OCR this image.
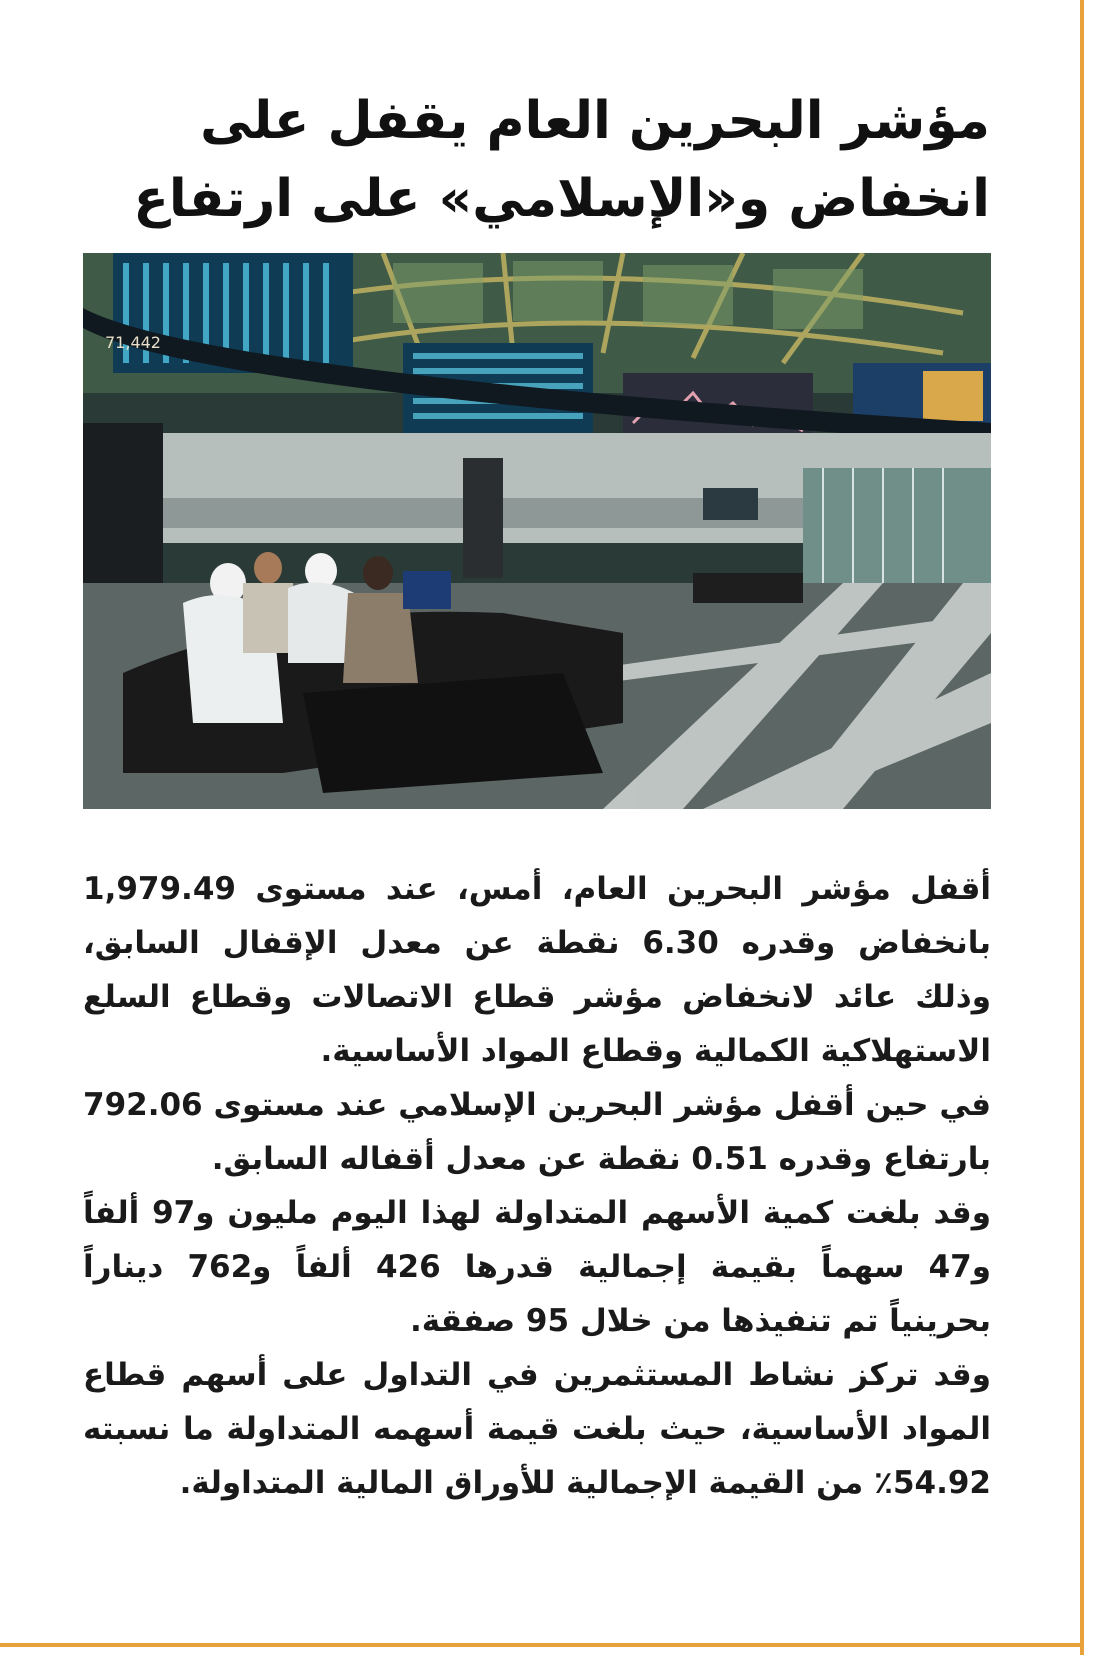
مؤشر البحرين العام يقفل على انخفاض و«الإسلامي» على ارتفاع
71,442

أقفل مؤشر البحرين العام، أمس، عند مستوى 1,979.49 بانخفاض وقدره 6.30 نقطة عن معدل الإقفال السابق، وذلك عائد لانخفاض مؤشر قطاع الاتصالات وقطاع السلع الاستهلاكية الكمالية وقطاع المواد الأساسية.

في حين أقفل مؤشر البحرين الإسلامي عند مستوى 792.06 بارتفاع وقدره 0.51 نقطة عن معدل أقفاله السابق.

وقد بلغت كمية الأسهم المتداولة لهذا اليوم مليون و97 ألفاً و47 سهماً بقيمة إجمالية قدرها 426 ألفاً و762 ديناراً بحرينياً تم تنفيذها من خلال 95 صفقة.

وقد تركز نشاط المستثمرين في التداول على أسهم قطاع المواد الأساسية، حيث بلغت قيمة أسهمه المتداولة ما نسبته 54.92٪ من القيمة الإجمالية للأوراق المالية المتداولة.
